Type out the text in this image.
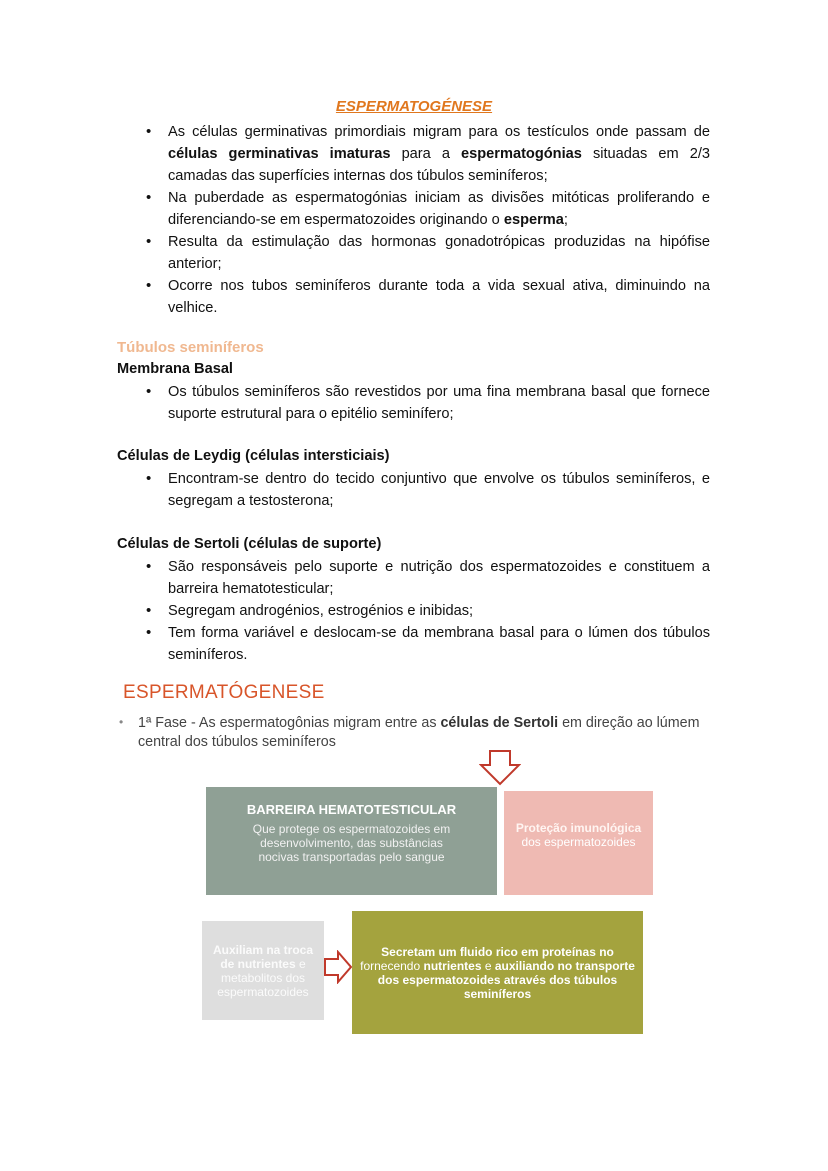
ESPERMATOGÉNESE
• As células germinativas primordiais migram para os testículos onde passam de células germinativas imaturas para a espermatogónias situadas em 2/3 camadas das superfícies internas dos túbulos seminíferos;
• Na puberdade as espermatogónias iniciam as divisões mitóticas proliferando e diferenciando-se em espermatozoides originando o esperma;
• Resulta da estimulação das hormonas gonadotrópicas produzidas na hipófise anterior;
• Ocorre nos tubos seminíferos durante toda a vida sexual ativa, diminuindo na velhice.
Túbulos seminíferos
Membrana Basal
• Os túbulos seminíferos são revestidos por uma fina membrana basal que fornece suporte estrutural para o epitélio seminífero;
Células de Leydig (células intersticiais)
• Encontram-se dentro do tecido conjuntivo que envolve os túbulos seminíferos, e segregam a testosterona;
Células de Sertoli (células de suporte)
• São responsáveis pelo suporte e nutrição dos espermatozoides e constituem a barreira hematotesticular;
• Segregam androgénios, estrogénios e inibidas;
• Tem forma variável e deslocam-se da membrana basal para o lúmen dos túbulos seminíferos.
ESPERMATÓGENESE
•	1ª Fase - As espermatogônias migram entre as células de Sertoli em direção ao lúmem central dos túbulos seminíferos
BARREIRA HEMATOTESTICULAR
Que protege os espermatozoides em desenvolvimento, das substâncias nocivas transportadas pelo sangue
Proteção imunológica
dos espermatozoides
Auxiliam na troca de nutrientes e metabolitos dos espermatozoides
Secretam um fluido rico em proteínas no fornecendo nutrientes e auxiliando no transporte dos espermatozoides através dos túbulos seminíferos
